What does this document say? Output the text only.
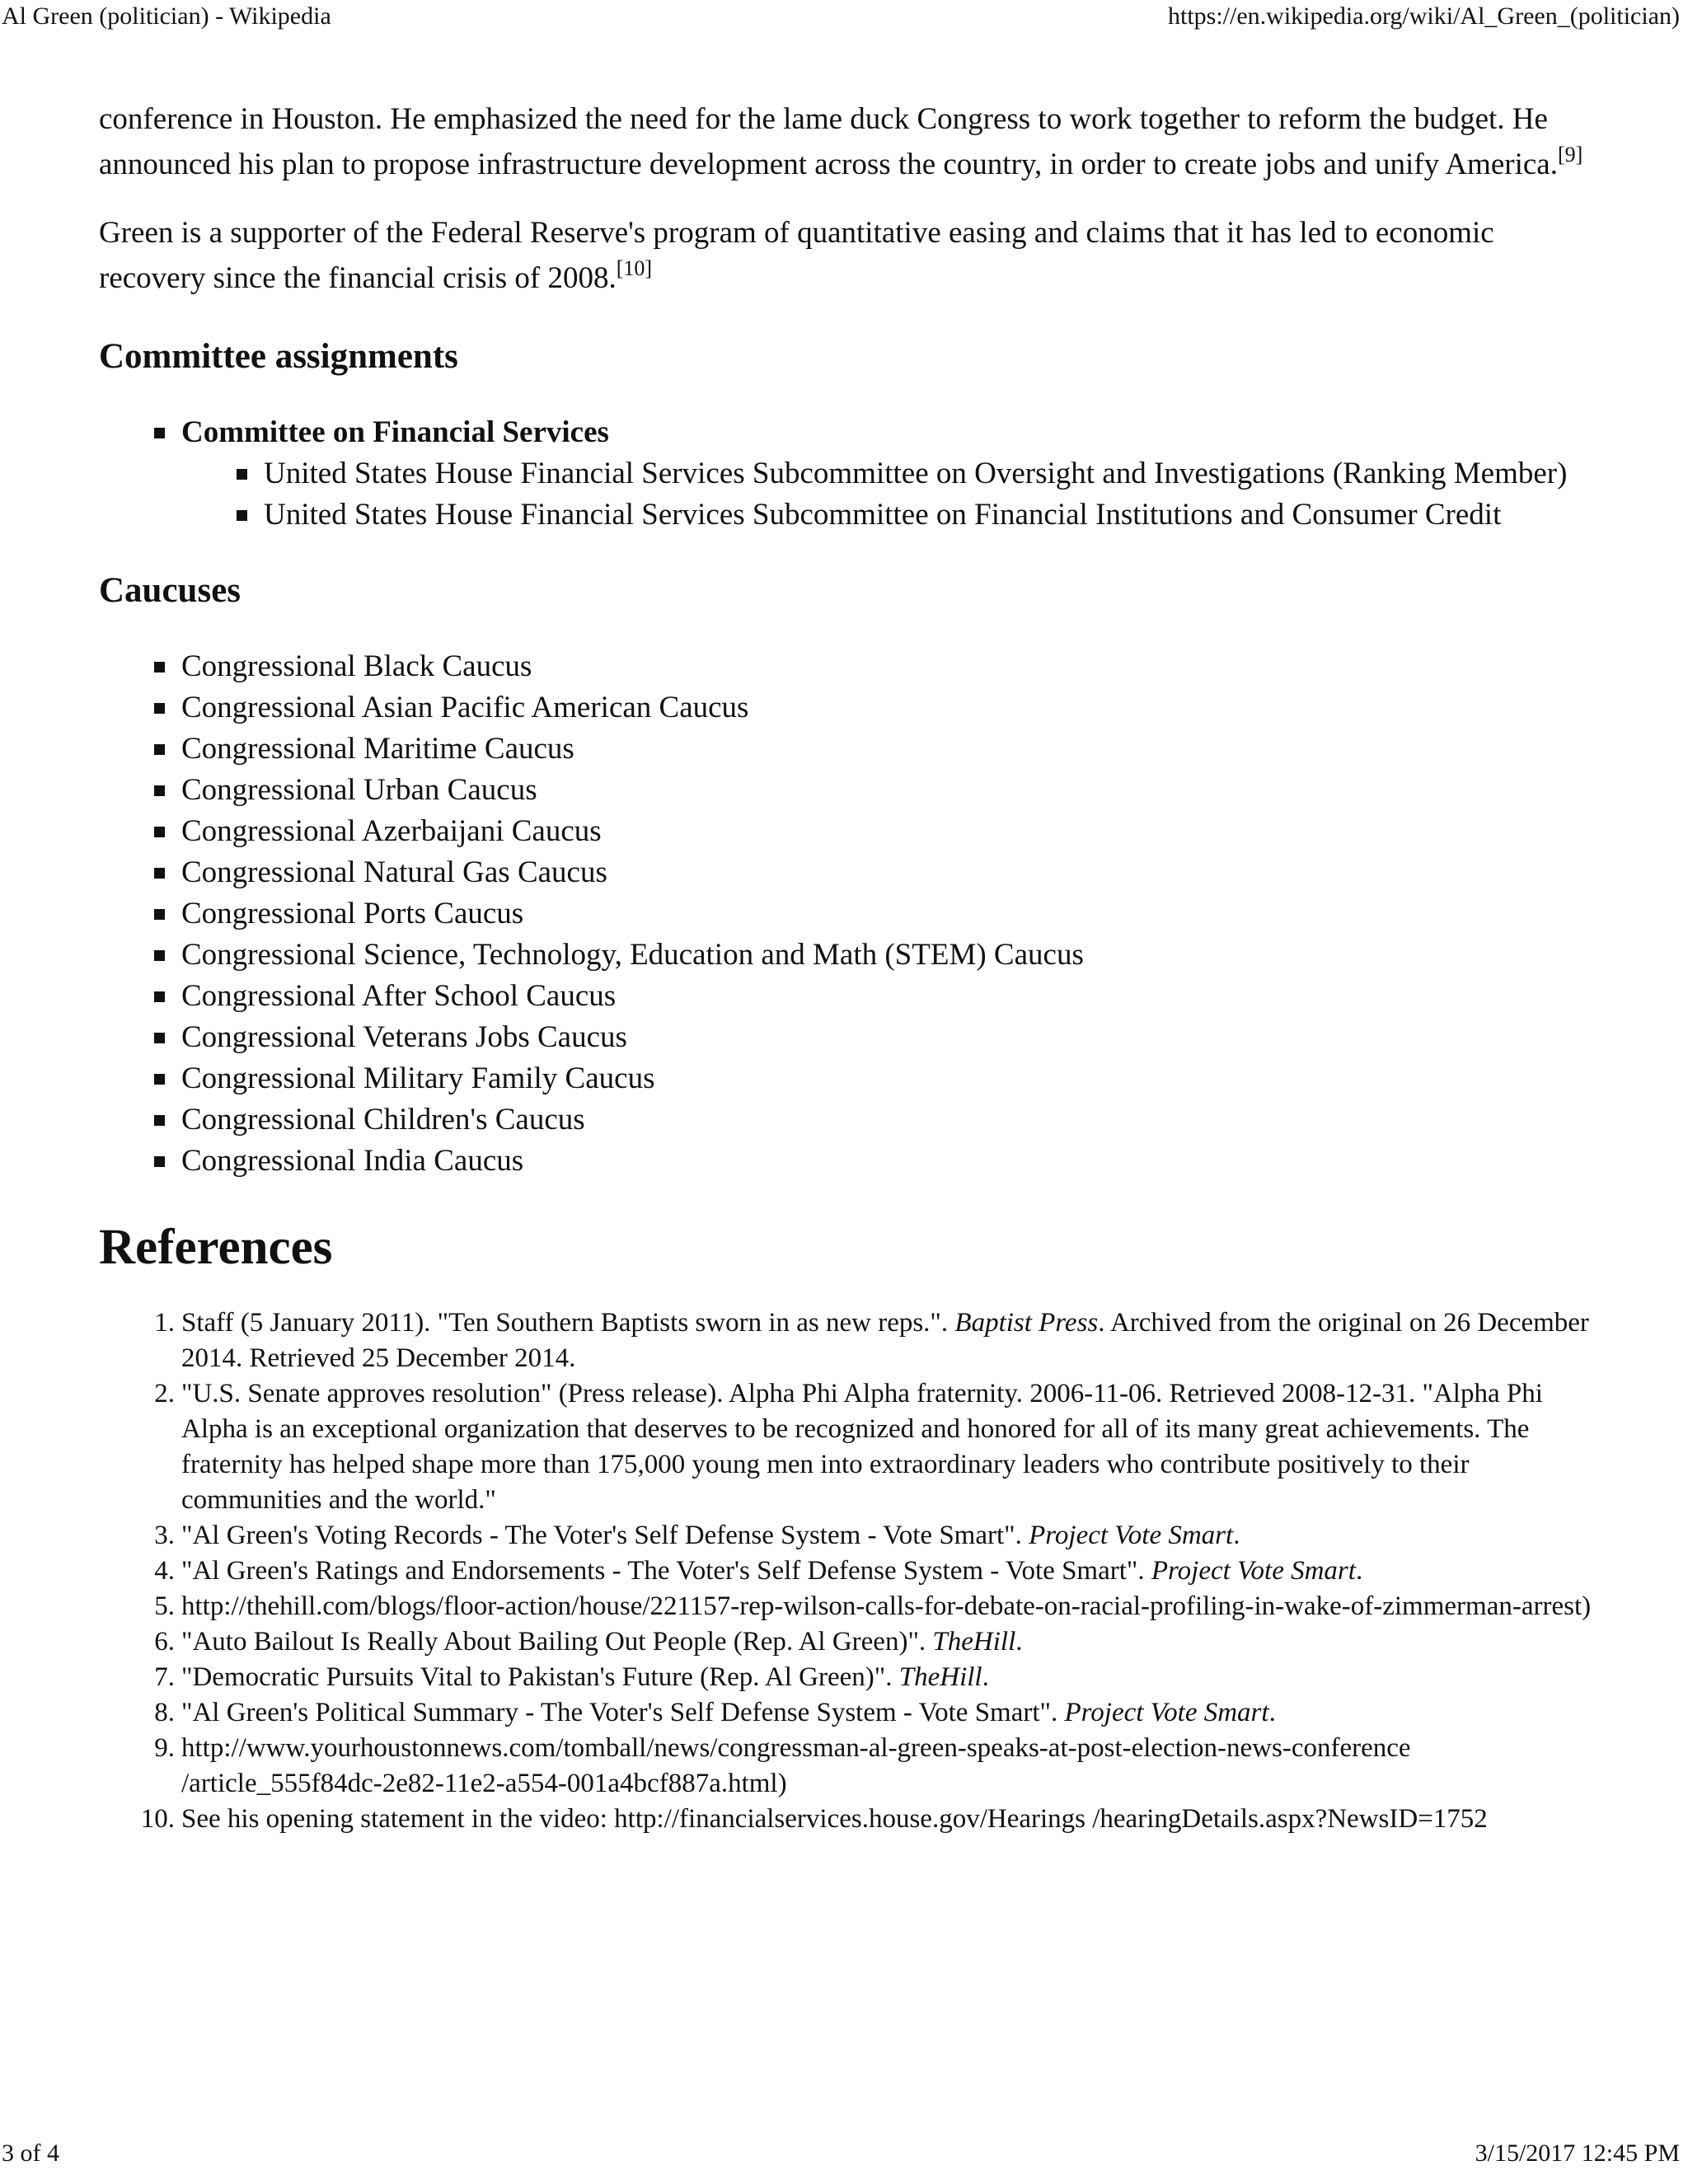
Al Green (politician) - Wikipedia	https://en.wikipedia.org/wiki/Al_Green_(politician)

conference in Houston. He emphasized the need for the lame duck Congress to work together to reform the budget. He announced his plan to propose infrastructure development across the country, in order to create jobs and unify America.[9]

Green is a supporter of the Federal Reserve's program of quantitative easing and claims that it has led to economic recovery since the financial crisis of 2008.[10]

Committee assignments
Committee on Financial Services
United States House Financial Services Subcommittee on Oversight and Investigations (Ranking Member)
United States House Financial Services Subcommittee on Financial Institutions and Consumer Credit
Caucuses
Congressional Black Caucus
Congressional Asian Pacific American Caucus
Congressional Maritime Caucus
Congressional Urban Caucus
Congressional Azerbaijani Caucus
Congressional Natural Gas Caucus
Congressional Ports Caucus
Congressional Science, Technology, Education and Math (STEM) Caucus
Congressional After School Caucus
Congressional Veterans Jobs Caucus
Congressional Military Family Caucus
Congressional Children's Caucus
Congressional India Caucus
References
1. Staff (5 January 2011). "Ten Southern Baptists sworn in as new reps.". Baptist Press. Archived from the original on 26 December 2014. Retrieved 25 December 2014.
2. "U.S. Senate approves resolution" (Press release). Alpha Phi Alpha fraternity. 2006-11-06. Retrieved 2008-12-31. "Alpha Phi Alpha is an exceptional organization that deserves to be recognized and honored for all of its many great achievements. The fraternity has helped shape more than 175,000 young men into extraordinary leaders who contribute positively to their communities and the world."
3. "Al Green's Voting Records - The Voter's Self Defense System - Vote Smart". Project Vote Smart.
4. "Al Green's Ratings and Endorsements - The Voter's Self Defense System - Vote Smart". Project Vote Smart.
5. http://thehill.com/blogs/floor-action/house/221157-rep-wilson-calls-for-debate-on-racial-profiling-in-wake-of-zimmerman-arrest)
6. "Auto Bailout Is Really About Bailing Out People (Rep. Al Green)". TheHill.
7. "Democratic Pursuits Vital to Pakistan's Future (Rep. Al Green)". TheHill.
8. "Al Green's Political Summary - The Voter's Self Defense System - Vote Smart". Project Vote Smart.
9. http://www.yourhoustonnews.com/tomball/news/congressman-al-green-speaks-at-post-election-news-conference /article_555f84dc-2e82-11e2-a554-001a4bcf887a.html)
10. See his opening statement in the video: http://financialservices.house.gov/Hearings /hearingDetails.aspx?NewsID=1752
3 of 4	3/15/2017 12:45 PM
